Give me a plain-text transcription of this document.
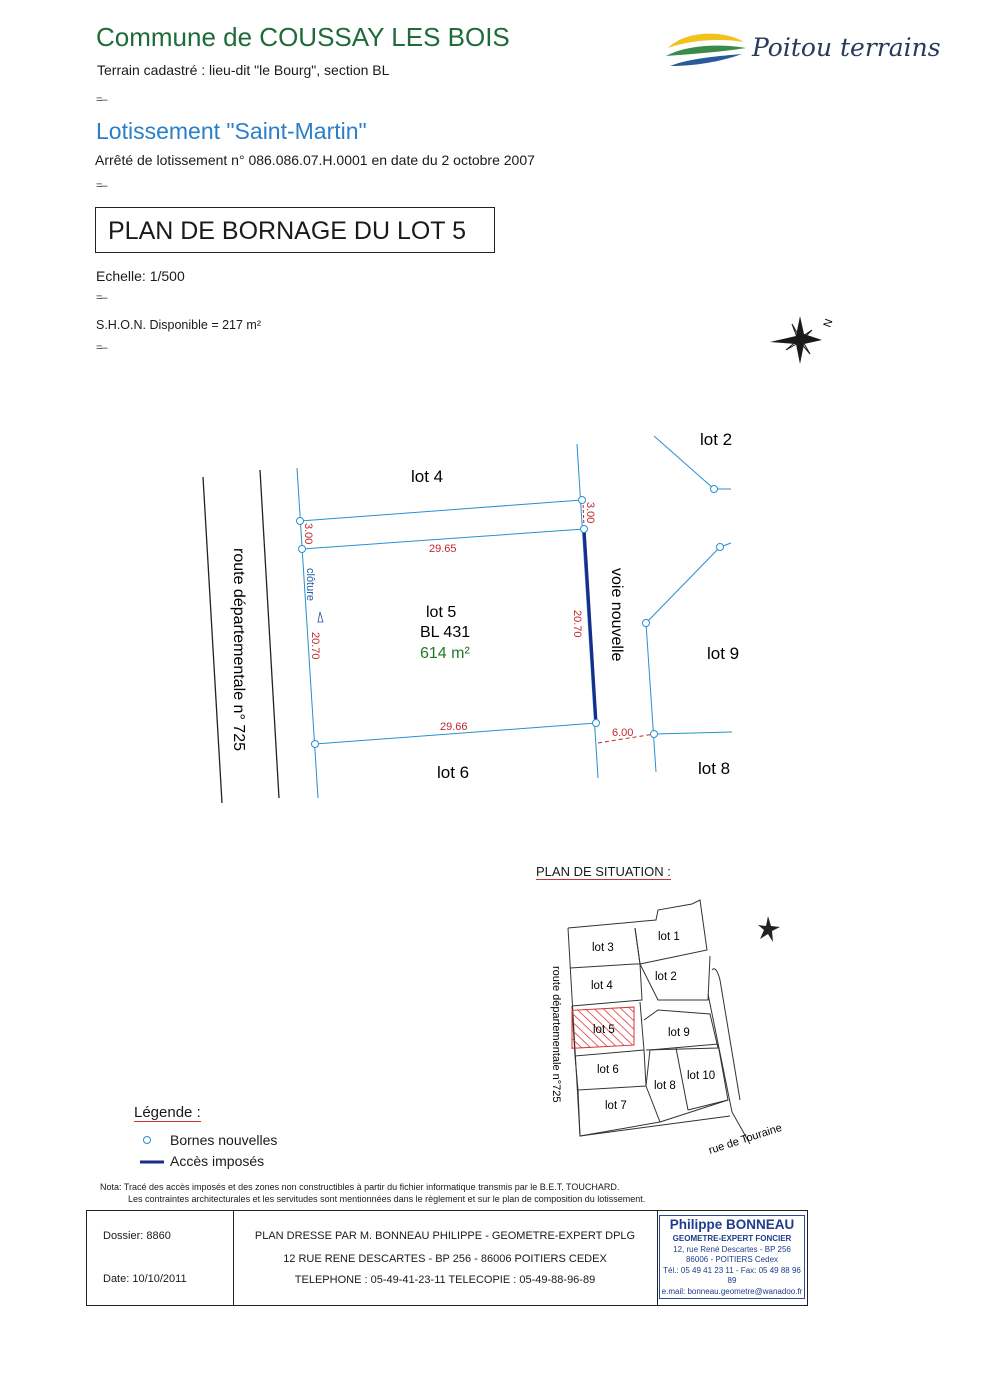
Commune de COUSSAY LES BOIS
Terrain cadastré : lieu-dit "le Bourg", section BL
=–
Lotissement "Saint-Martin"
Arrêté de lotissement n° 086.086.07.H.0001 en date du 2 octobre 2007
=–
PLAN DE BORNAGE DU LOT 5
Echelle: 1/500
=–
S.H.O.N. Disponible = 217 m²
=–
Poitou terrains
N
lot 4
lot 2
lot 5
BL 431
614 m²
lot 6	lot 8
lot 9
route départementale n° 725	voie nouvelle
clôture
29.65
29.66
20.70
20.70
3.00
3.00
6.00
PLAN DE SITUATION :
lot 1
lot 2
lot 3
lot 4
lot 5
lot 6
lot 7
lot 8
lot 9
lot 10
route départementale n°725
rue de Touraine
Légende :
Bornes nouvelles
Accès imposés
Nota: Tracé des accès imposés et des zones non constructibles à partir du fichier informatique transmis par le B.E.T. TOUCHARD.
Les contraintes architecturales et les servitudes sont mentionnées dans le règlement et sur le plan de composition du lotissement.
Dossier: 8860
Date: 10/10/2011
PLAN DRESSE PAR M. BONNEAU PHILIPPE - GEOMETRE-EXPERT DPLG
12 RUE RENE DESCARTES - BP 256 - 86006 POITIERS CEDEX
TELEPHONE : 05-49-41-23-11 TELECOPIE : 05-49-88-96-89
Philippe BONNEAU
GEOMETRE-EXPERT FONCIER
12, rue René Descartes - BP 256
86006 - POITIERS Cedex
Tél.: 05 49 41 23 11 - Fax: 05 49 88 96 89
e.mail: bonneau.geometre@wanadoo.fr
